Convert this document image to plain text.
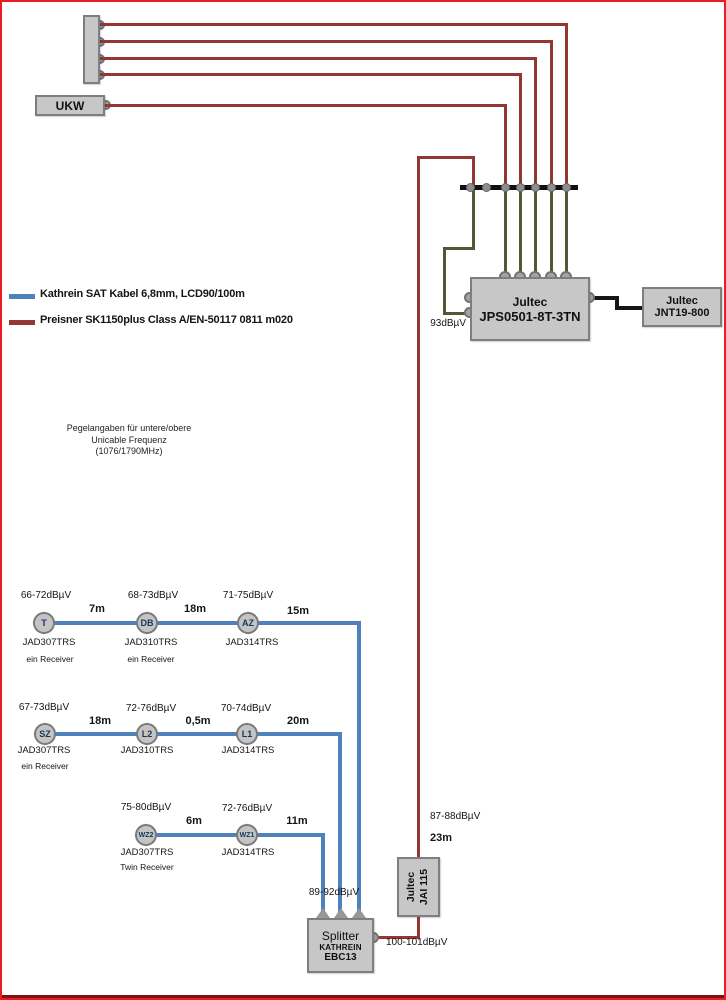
UKW
Jultec
JPS0501-8T-3TN
93dBµV
Jultec
JNT19-800
Kathrein SAT Kabel 6,8mm, LCD90/100m
Preisner SK1150plus Class A/EN-50117 0811 m020
Pegelangaben für untere/obere
Unicable Frequenz
(1076/1790MHz)
66-72dBµV
7m
68-73dBµV
18m
71-75dBµV
15m
T	DB	AZ
JAD307TRS	JAD310TRS	JAD314TRS
ein Receiver	ein Receiver
67-73dBµV
18m
72-76dBµV
0,5m
70-74dBµV
20m
SZ	L2	L1
JAD307TRS	JAD310TRS	JAD314TRS
ein Receiver
75-80dBµV
6m
72-76dBµV
11m
WZ2	WZ1
JAD307TRS	JAD314TRS
Twin Receiver
89-92dBµV
Splitter
KATHREIN
EBC13
100-101dBµV
87-88dBµV
23m
Jultec JAI 115
